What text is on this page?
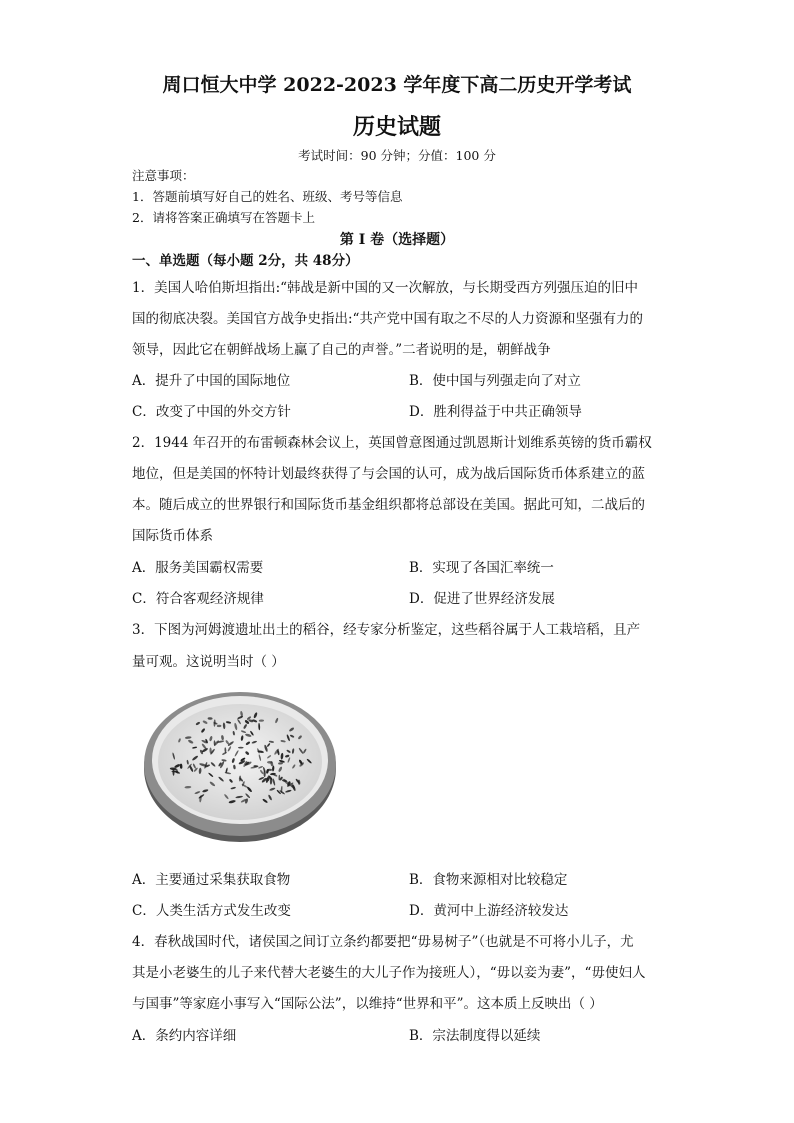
周口恒大中学 2022-2023 学年度下高二历史开学考试
历史试题
考试时间：90 分钟；分值：100 分
注意事项：
1．答题前填写好自己的姓名、班级、考号等信息
2．请将答案正确填写在答题卡上
第 I 卷（选择题）
一、单选题（每小题 2分，共 48分）
1．美国人哈伯斯坦指出:“韩战是新中国的又一次解放，与长期受西方列强压迫的旧中
国的彻底决裂。美国官方战争史指出:“共产党中国有取之不尽的人力资源和坚强有力的
领导，因此它在朝鲜战场上赢了自己的声誉。”二者说明的是，朝鲜战争
A．提升了中国的国际地位	B．使中国与列强走向了对立
C．改变了中国的外交方针	D．胜利得益于中共正确领导
2．1944 年召开的布雷顿森林会议上，英国曾意图通过凯恩斯计划维系英镑的货币霸权
地位，但是美国的怀特计划最终获得了与会国的认可，成为战后国际货币体系建立的蓝
本。随后成立的世界银行和国际货币基金组织都将总部设在美国。据此可知，二战后的
国际货币体系
A．服务美国霸权需要	B．实现了各国汇率统一
C．符合客观经济规律	D．促进了世界经济发展
3．下图为河姆渡遗址出土的稻谷，经专家分析鉴定，这些稻谷属于人工栽培稻，且产
量可观。这说明当时（ ）
A．主要通过采集获取食物	B．食物来源相对比较稳定
C．人类生活方式发生改变	D．黄河中上游经济较发达
4．春秋战国时代，诸侯国之间订立条约都要把“毋易树子”（也就是不可将小儿子，尤
其是小老婆生的儿子来代替大老婆生的大儿子作为接班人），“毋以妾为妻”，“毋使妇人
与国事”等家庭小事写入“国际公法”，以维持“世界和平”。这本质上反映出（ ）
A．条约内容详细	B．宗法制度得以延续
